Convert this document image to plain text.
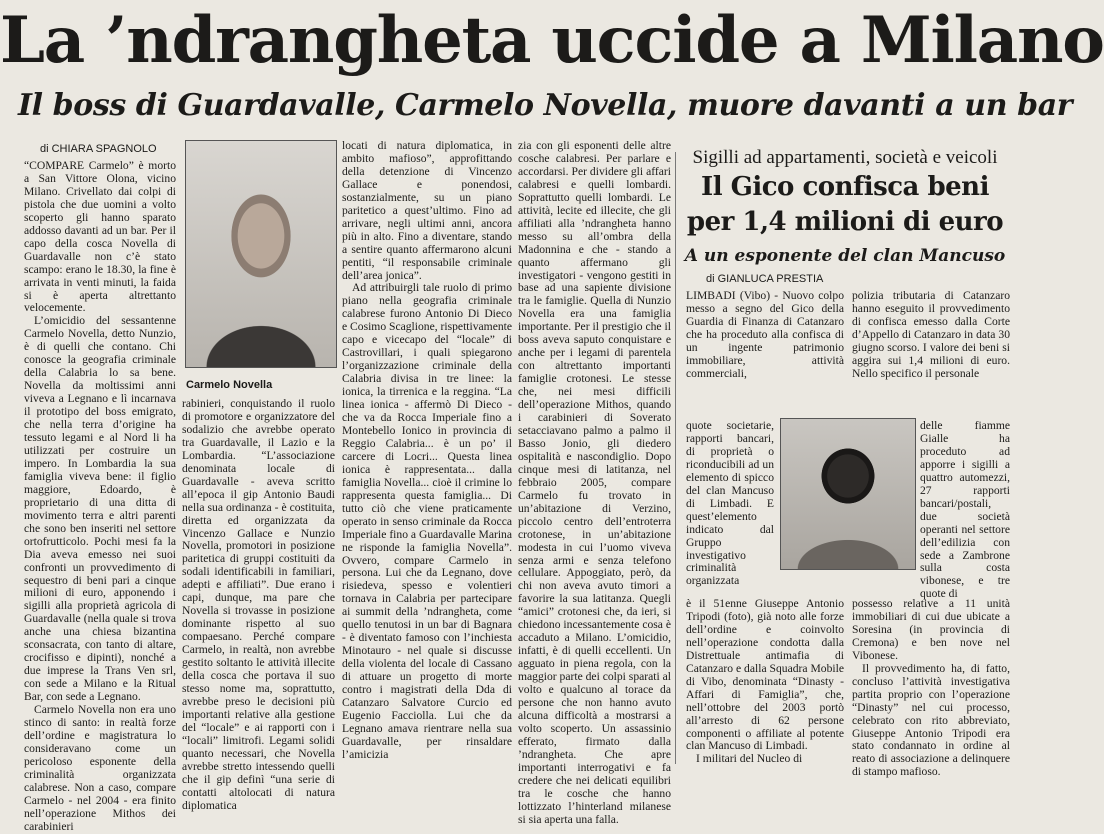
La ’ndrangheta uccide a Milano
Il boss di Guardavalle, Carmelo Novella, muore davanti a un bar
di CHIARA SPAGNOLO

“COMPARE Carmelo” è morto a San Vittore Olona, vicino Milano. Crivellato dai colpi di pistola che due uomini a volto scoperto gli hanno sparato addosso davanti ad un bar. Per il capo della cosca Novella di Guardavalle non c’è stato scampo: erano le 18.30, la fine è arrivata in venti minuti, la faida si è aperta altrettanto velocemente.

L’omicidio del sessantenne Carmelo Novella, detto Nunzio, è di quelli che contano. Chi conosce la geografia criminale della Calabria lo sa bene. Novella da moltissimi anni viveva a Legnano e lì incarnava il prototipo del boss emigrato, che nella terra d’origine ha tessuto legami e al Nord li ha utilizzati per costruire un impero. In Lombardia la sua famiglia viveva bene: il figlio maggiore, Edoardo, è proprietario di una ditta di movimento terra e altri parenti che sono ben inseriti nel settore ortofrutticolo. Pochi mesi fa la Dia aveva emesso nei suoi confronti un provvedimento di sequestro di beni pari a cinque milioni di euro, apponendo i sigilli alla proprietà agricola di Guardavalle (nella quale si trova anche una chiesa bizantina sconsacrata, con tanto di altare, crocifisso e dipinti), nonché a due imprese la Trans Ven srl, con sede a Milano e la Ritual Bar, con sede a Legnano.

Carmelo Novella non era uno stinco di santo: in realtà forze dell’ordine e magistratura lo consideravano come un pericoloso esponente della criminalità organizzata calabrese. Non a caso, compare Carmelo - nel 2004 - era finito nell’operazione Mithos dei carabinieri

Carmelo Novella

rabinieri, conquistando il ruolo di promotore e organizzatore del sodalizio che avrebbe operato tra Guardavalle, il Lazio e la Lombardia. “L’associazione denominata locale di Guardavalle - aveva scritto all’epoca il gip Antonio Baudi nella sua ordinanza - è costituita, diretta ed organizzata da Vincenzo Gallace e Nunzio Novella, promotori in posizione paritetica di gruppi costituiti da sodali identificabili in familiari, adepti e affiliati”. Due erano i capi, dunque, ma pare che Novella si trovasse in posizione dominante rispetto al suo compaesano. Perché compare Carmelo, in realtà, non avrebbe gestito soltanto le attività illecite della cosca che portava il suo stesso nome ma, soprattutto, avrebbe preso le decisioni più importanti relative alla gestione del “locale” e ai rapporti con i “locali” limitrofi. Legami solidi quanto necessari, che Novella avrebbe stretto intessendo quelli che il gip definì “una serie di contatti altolocati di natura diplomatica

locati di natura diplomatica, in ambito mafioso”, approfittando della detenzione di Vincenzo Gallace e ponendosi, sostanzialmente, su un piano paritetico a quest’ultimo. Fino ad arrivare, negli ultimi anni, ancora più in alto. Fino a diventare, stando a sentire quanto affermarono alcuni pentiti, “il responsabile criminale dell’area jonica”.

Ad attribuirgli tale ruolo di primo piano nella geografia criminale calabrese furono Antonio Di Dieco e Cosimo Scaglione, rispettivamente capo e vicecapo del “locale” di Castrovillari, i quali spiegarono l’organizzazione criminale della Calabria divisa in tre linee: la ionica, la tirrenica e la reggina. “La linea ionica - affermò Di Dieco - che va da Rocca Imperiale fino a Montebello Ionico in provincia di Reggio Calabria... è un po’ il carcere di Locri... Questa linea ionica è rappresentata... dalla famiglia Novella... cioè il crimine lo rappresenta questa famiglia... Di tutto ciò che viene praticamente operato in senso criminale da Rocca Imperiale fino a Guardavalle Marina ne risponde la famiglia Novella”. Ovvero, compare Carmelo in persona. Lui che da Legnano, dove risiedeva, spesso e volentieri tornava in Calabria per partecipare ai summit della ’ndrangheta, come quello tenutosi in un bar di Bagnara - è diventato famoso con l’inchiesta Minotauro - nel quale si discusse della violenta del locale di Cassano di attuare un progetto di morte contro i magistrati della Dda di Catanzaro Salvatore Curcio ed Eugenio Facciolla. Lui che da Legnano amava rientrare nella sua Guardavalle, per rinsaldare l’amicizia

zia con gli esponenti delle altre cosche calabresi. Per parlare e accordarsi. Per dividere gli affari calabresi e quelli lombardi. Soprattutto quelli lombardi. Le attività, lecite ed illecite, che gli affiliati alla ’ndrangheta hanno messo su all’ombra della Madonnina e che - stando a quanto affermano gli investigatori - vengono gestiti in base ad una sapiente divisione tra le famiglie. Quella di Nunzio Novella era una famiglia importante. Per il prestigio che il boss aveva saputo conquistare e anche per i legami di parentela con altrettanto importanti famiglie crotonesi. Le stesse che, nei mesi difficili dell’operazione Mithos, quando i carabinieri di Soverato setacciavano palmo a palmo il Basso Jonio, gli diedero ospitalità e nascondiglio. Dopo cinque mesi di latitanza, nel febbraio 2005, compare Carmelo fu trovato in un’abitazione di Verzino, piccolo centro dell’entroterra crotonese, in un’abitazione modesta in cui l’uomo viveva senza armi e senza telefono cellulare. Appoggiato, però, da chi non aveva avuto timori a favorire la sua latitanza. Quegli “amici” crotonesi che, da ieri, si chiedono incessantemente cosa è accaduto a Milano. L’omicidio, infatti, è di quelli eccellenti. Un agguato in piena regola, con la maggior parte dei colpi sparati al volto e qualcuno al torace da persone che non hanno avuto alcuna difficoltà a mostrarsi a volto scoperto. Un assassinio efferato, firmato dalla ’ndrangheta. Che apre importanti interrogativi e fa credere che nei delicati equilibri tra le cosche che hanno lottizzato l’hinterland milanese si sia aperta una falla.

Sigilli ad appartamenti, società e veicoli
Il Gico confisca beni
per 1,4 milioni di euro
A un esponente del clan Mancuso
di GIANLUCA PRESTIA

LIMBADI (Vibo) - Nuovo colpo messo a segno del Gico della Guardia di Finanza di Catanzaro che ha proceduto alla confisca di un ingente patrimonio immobiliare, attività commerciali,

quote societarie, rapporti bancari, di proprietà o riconducibili ad un elemento di spicco del clan Mancuso di Limbadi. E quest’elemento indicato dal Gruppo investigativo criminalità organizzata

è il 51enne Giuseppe Antonio Tripodi (foto), già noto alle forze dell’ordine e coinvolto nell’operazione condotta dalla Distrettuale antimafia di Catanzaro e dalla Squadra Mobile di Vibo, denominata “Dinasty - Affari di Famiglia”, che, nell’ottobre del 2003 portò all’arresto di 62 persone componenti o affiliate al potente clan Mancuso di Limbadi.

I militari del Nucleo di

polizia tributaria di Catanzaro hanno eseguito il provvedimento di confisca emesso dalla Corte d’Appello di Catanzaro in data 30 giugno scorso. I valore dei beni si aggira sui 1,4 milioni di euro. Nello specifico il personale

delle fiamme Gialle ha proceduto ad apporre i sigilli a quattro automezzi, 27 rapporti bancari/postali, due società operanti nel settore dell’edilizia con sede a Zambrone sulla costa vibonese, e tre quote di

possesso relative a 11 unità immobiliari di cui due ubicate a Soresina (in provincia di Cremona) e ben nove nel Vibonese.

Il provvedimento ha, di fatto, concluso l’attività investigativa partita proprio con l’operazione “Dinasty” nel cui processo, celebrato con rito abbreviato, Giuseppe Antonio Tripodi era stato condannato in ordine al reato di associazione a delinquere di stampo mafioso.
